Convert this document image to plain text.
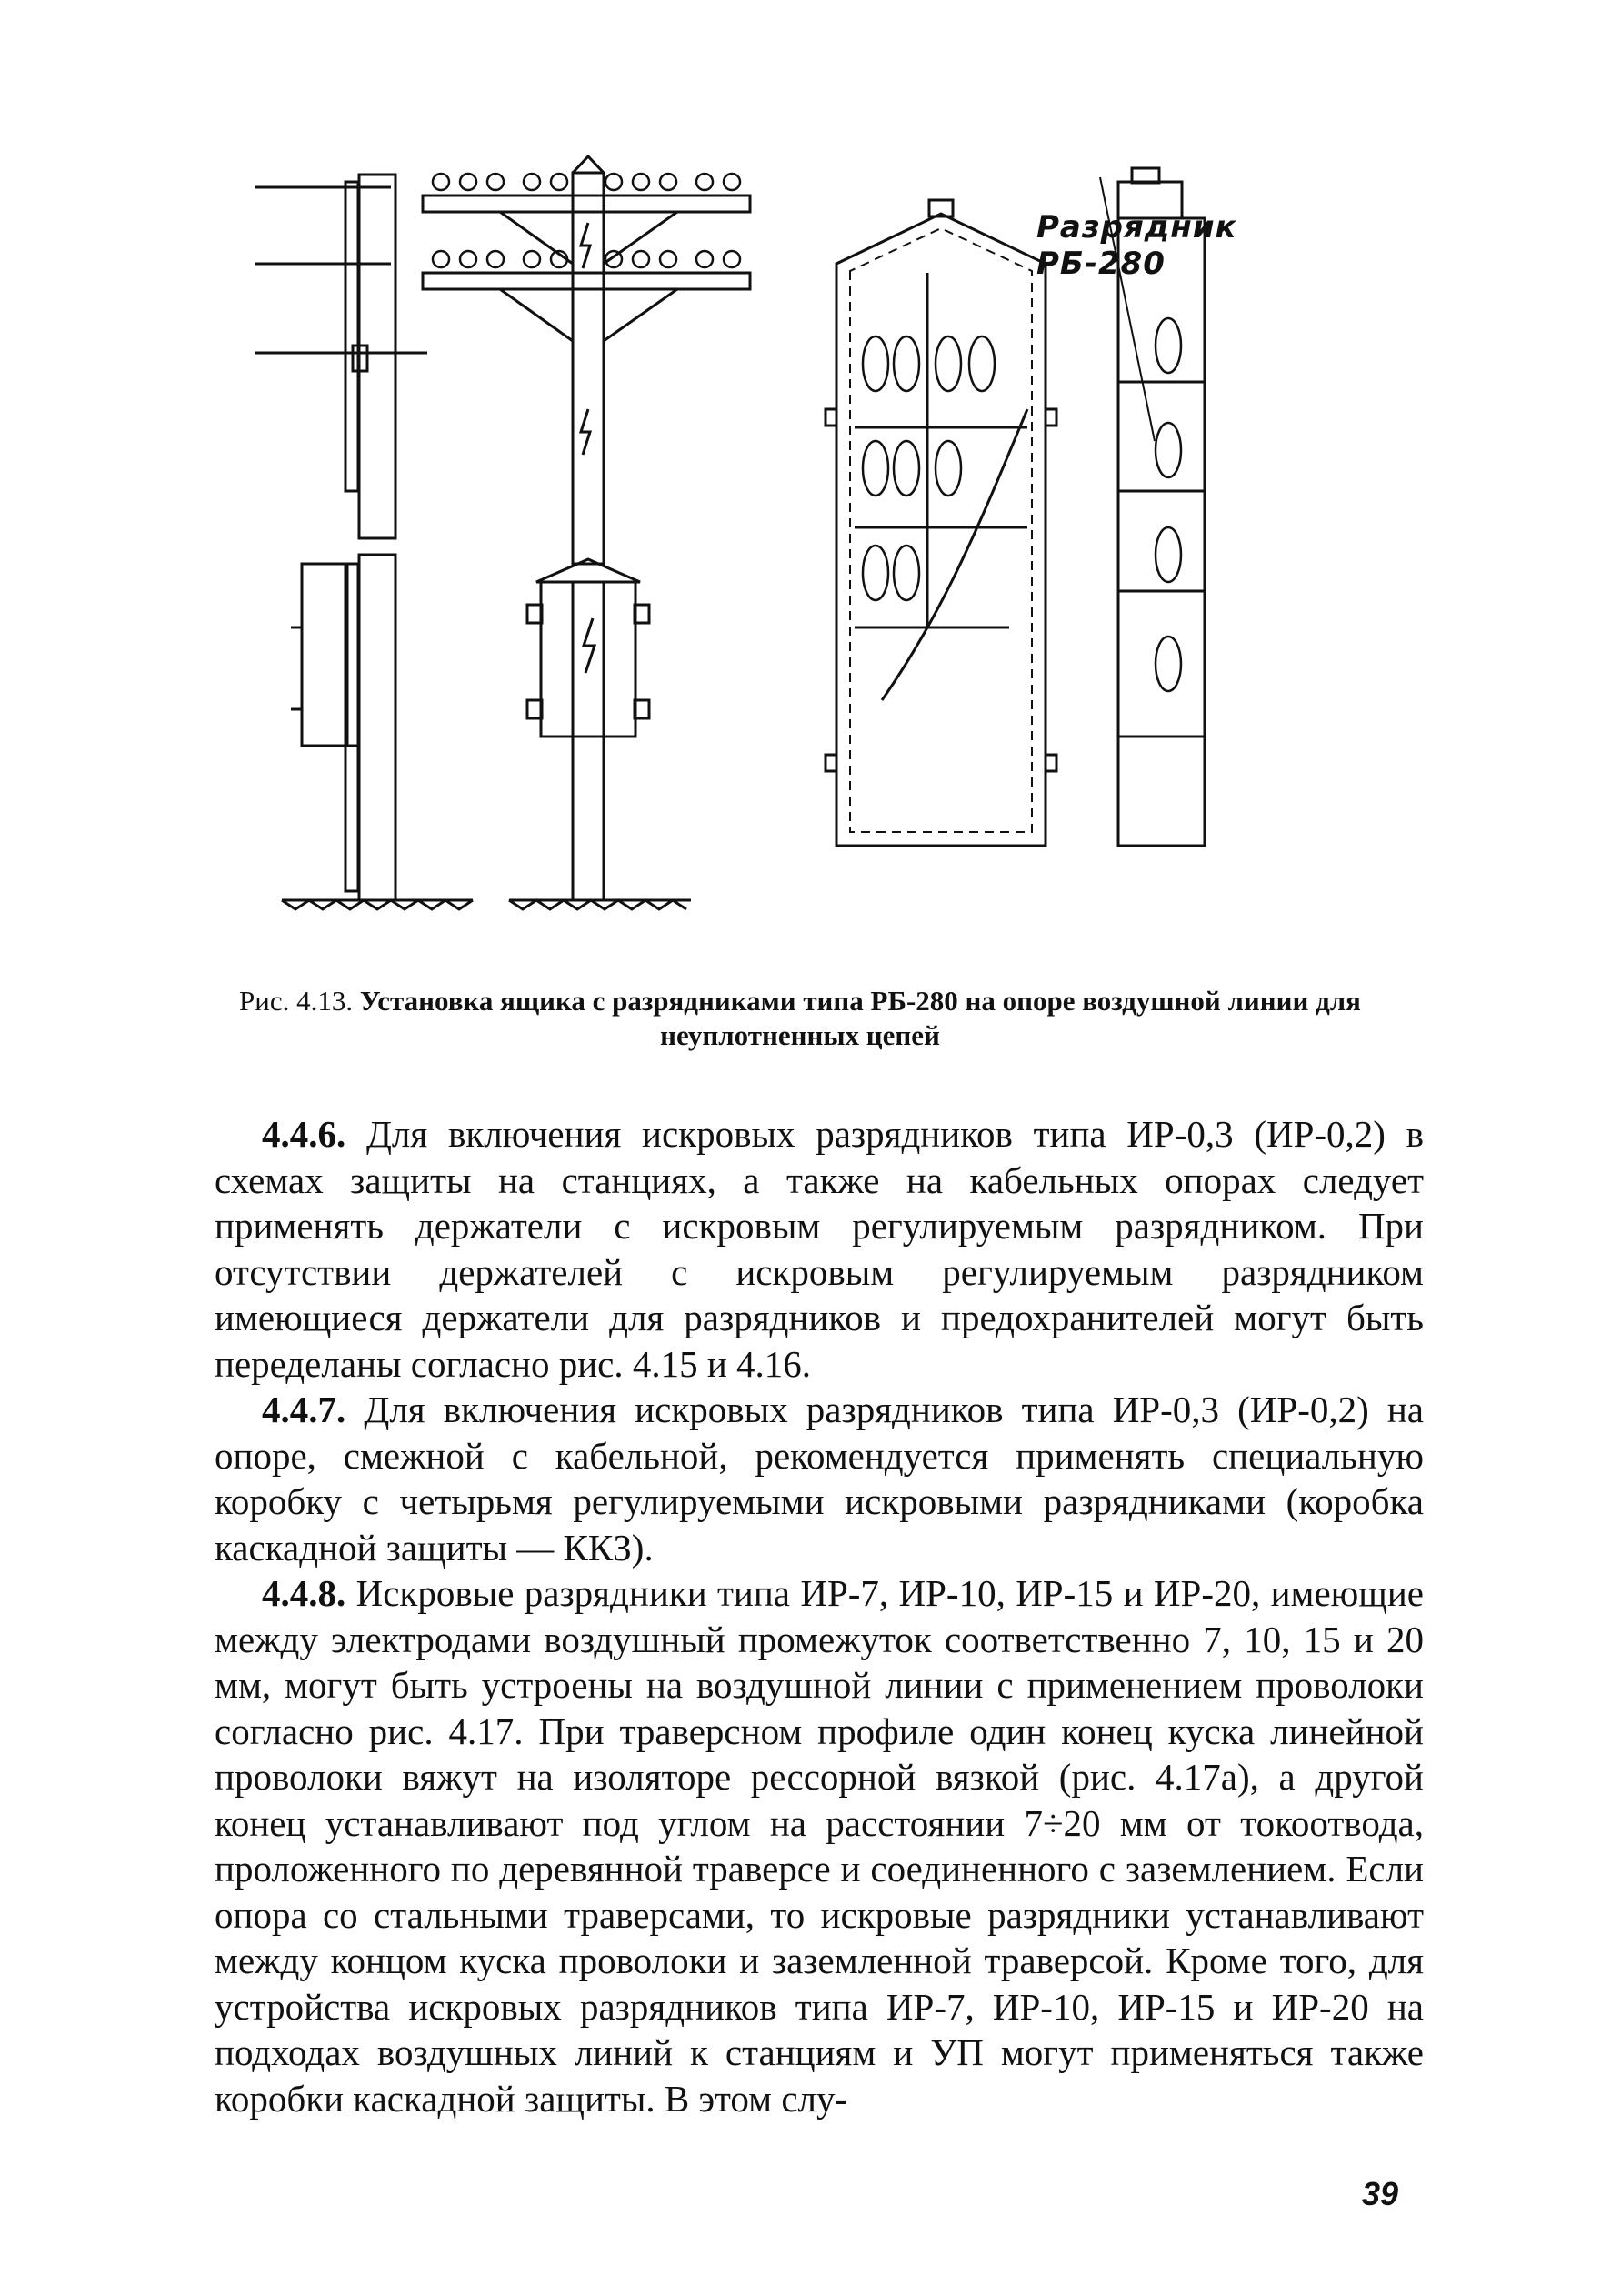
Разрядник РБ-280
Рис. 4.13. Установка ящика с разрядниками типа РБ-280 на опоре воздушной линии для неуплотненных цепей

4.4.6. Для включения искровых разрядников типа ИР-0,3 (ИР-0,2) в схемах защиты на станциях, а также на кабельных опорах следует применять держатели с искровым регулируемым разрядником. При отсутствии держателей с искровым регулируемым разрядником имеющиеся держатели для разрядников и предохранителей могут быть переделаны согласно рис. 4.15 и 4.16.

4.4.7. Для включения искровых разрядников типа ИР-0,3 (ИР-0,2) на опоре, смежной с кабельной, рекомендуется применять специальную коробку с четырьмя регулируемыми искровыми разрядниками (коробка каскадной защиты — ККЗ).

4.4.8. Искровые разрядники типа ИР-7, ИР-10, ИР-15 и ИР-20, имеющие между электродами воздушный промежуток соответственно 7, 10, 15 и 20 мм, могут быть устроены на воздушной линии с применением проволоки согласно рис. 4.17. При траверсном профиле один конец куска линейной проволоки вяжут на изоляторе рессорной вязкой (рис. 4.17а), а другой конец устанавливают под углом на расстоянии 7÷20 мм от токоотвода, проложенного по деревянной траверсе и соединенного с заземлением. Если опора со стальными траверсами, то искровые разрядники устанавливают между концом куска проволоки и заземленной траверсой. Кроме того, для устройства искровых разрядников типа ИР-7, ИР-10, ИР-15 и ИР-20 на подходах воздушных линий к станциям и УП могут применяться также коробки каскадной защиты. В этом слу-

39
